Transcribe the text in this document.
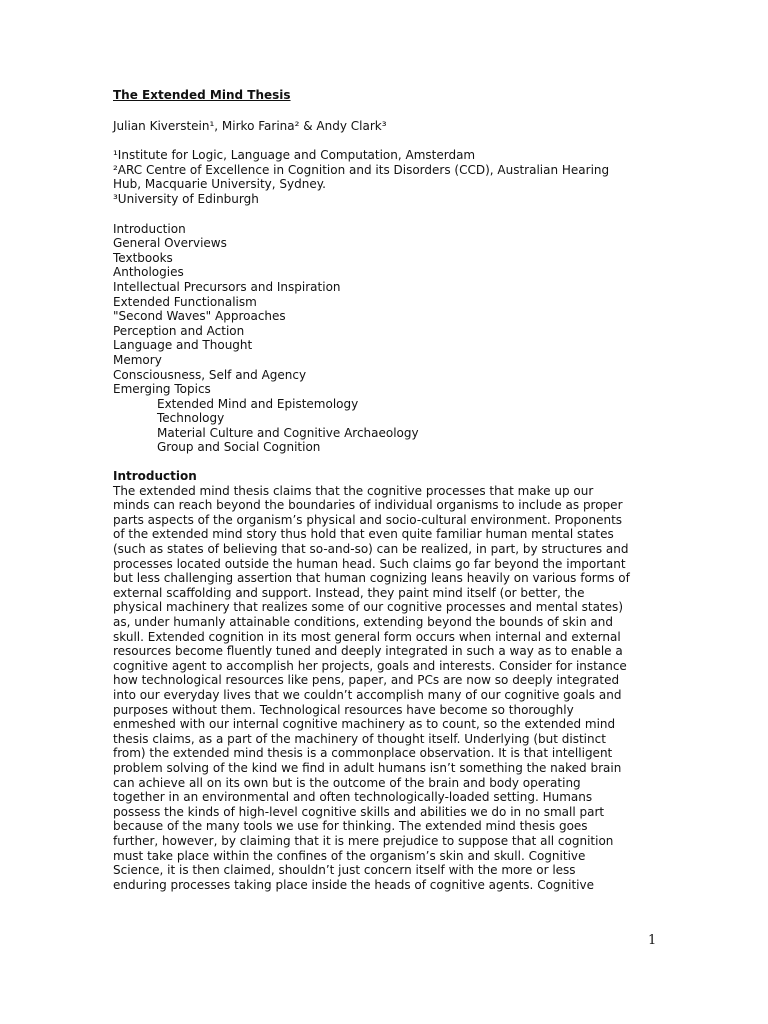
The Extended Mind Thesis
Julian Kiverstein¹, Mirko Farina² & Andy Clark³
¹Institute for Logic, Language and Computation, Amsterdam
²ARC Centre of Excellence in Cognition and its Disorders (CCD), Australian Hearing
Hub, Macquarie University, Sydney.
³University of Edinburgh
Introduction
General Overviews
Textbooks
Anthologies
Intellectual Precursors and Inspiration
Extended Functionalism
"Second Waves" Approaches
Perception and Action
Language and Thought
Memory
Consciousness, Self and Agency
Emerging Topics
Extended Mind and Epistemology
Technology
Material Culture and Cognitive Archaeology
Group and Social Cognition
Introduction
The extended mind thesis claims that the cognitive processes that make up our
minds can reach beyond the boundaries of individual organisms to include as proper
parts aspects of the organism’s physical and socio-cultural environment. Proponents
of the extended mind story thus hold that even quite familiar human mental states
(such as states of believing that so-and-so) can be realized, in part, by structures and
processes located outside the human head. Such claims go far beyond the important
but less challenging assertion that human cognizing leans heavily on various forms of
external scaffolding and support. Instead, they paint mind itself (or better, the
physical machinery that realizes some of our cognitive processes and mental states)
as, under humanly attainable conditions, extending beyond the bounds of skin and
skull. Extended cognition in its most general form occurs when internal and external
resources become fluently tuned and deeply integrated in such a way as to enable a
cognitive agent to accomplish her projects, goals and interests. Consider for instance
how technological resources like pens, paper, and PCs are now so deeply integrated
into our everyday lives that we couldn’t accomplish many of our cognitive goals and
purposes without them. Technological resources have become so thoroughly
enmeshed with our internal cognitive machinery as to count, so the extended mind
thesis claims, as a part of the machinery of thought itself. Underlying (but distinct
from) the extended mind thesis is a commonplace observation. It is that intelligent
problem solving of the kind we find in adult humans isn’t something the naked brain
can achieve all on its own but is the outcome of the brain and body operating
together in an environmental and often technologically-loaded setting. Humans
possess the kinds of high-level cognitive skills and abilities we do in no small part
because of the many tools we use for thinking. The extended mind thesis goes
further, however, by claiming that it is mere prejudice to suppose that all cognition
must take place within the confines of the organism’s skin and skull. Cognitive
Science, it is then claimed, shouldn’t just concern itself with the more or less
enduring processes taking place inside the heads of cognitive agents. Cognitive
1
